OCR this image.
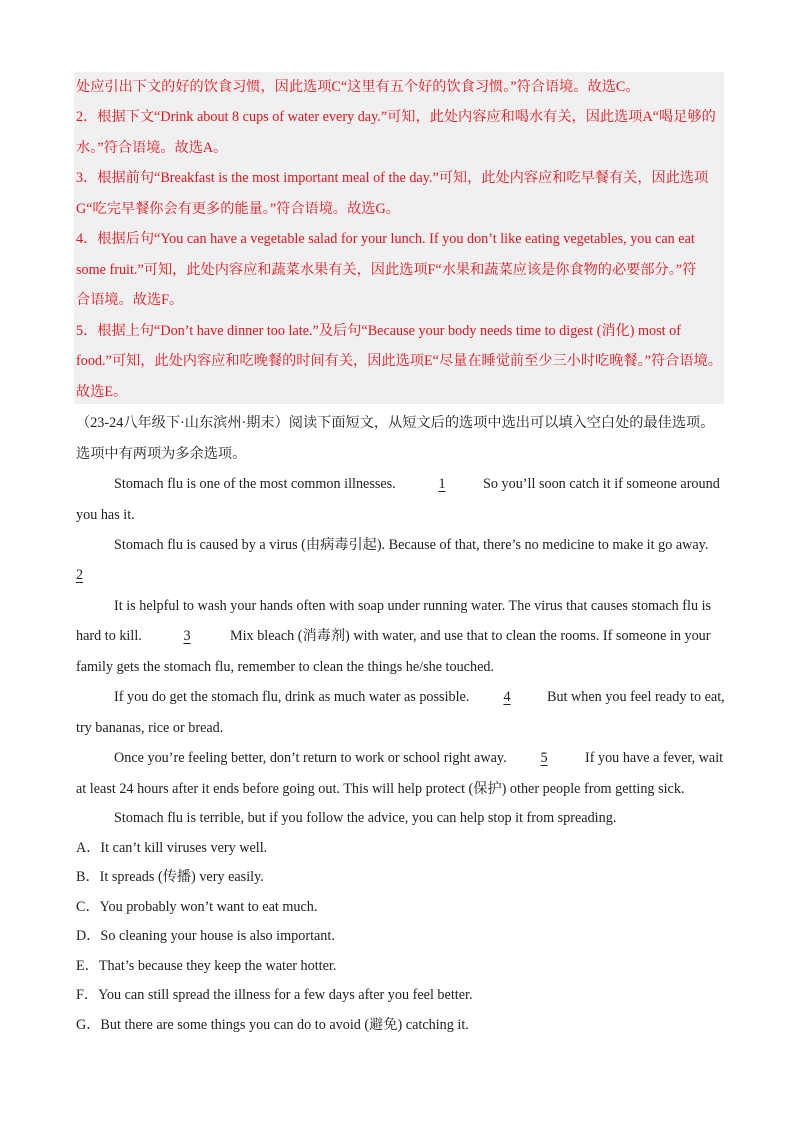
处应引出下文的好的饮食习惯，因此选项C“这里有五个好的饮食习惯。”符合语境。故选C。
2．根据下文“Drink about 8 cups of water every day.”可知，此处内容应和喝水有关，因此选项A“喝足够的
水。”符合语境。故选A。
3．根据前句“Breakfast is the most important meal of the day.”可知，此处内容应和吃早餐有关，因此选项
G“吃完早餐你会有更多的能量。”符合语境。故选G。
4．根据后句“You can have a vegetable salad for your lunch. If you don’t like eating vegetables, you can eat
some fruit.”可知，此处内容应和蔬菜水果有关，因此选项F“水果和蔬菜应该是你食物的必要部分。”符
合语境。故选F。
5．根据上句“Don’t have dinner too late.”及后句“Because your body needs time to digest (消化) most of
food.”可知，此处内容应和吃晚餐的时间有关，因此选项E“尽量在睡觉前至少三小时吃晚餐。”符合语境。
故选E。
（23-24八年级下·山东滨州·期末）阅读下面短文，从短文后的选项中选出可以填入空白处的最佳选项。
选项中有两项为多余选项。
Stomach flu is one of the most common illnesses.	1	So you’ll soon catch it if someone around
you has it.
Stomach flu is caused by a virus (由病毒引起). Because of that, there’s no medicine to make it go away.
2
It is helpful to wash your hands often with soap under running water. The virus that causes stomach flu is
hard to kill.	3	Mix bleach (消毒剂) with water, and use that to clean the rooms. If someone in your
family gets the stomach flu, remember to clean the things he/she touched.
If you do get the stomach flu, drink as much water as possible.	4	But when you feel ready to eat,
try bananas, rice or bread.
Once you’re feeling better, don’t return to work or school right away.	5	If you have a fever, wait
at least 24 hours after it ends before going out. This will help protect (保护) other people from getting sick.
Stomach flu is terrible, but if you follow the advice, you can help stop it from spreading.
A．It can’t kill viruses very well.
B．It spreads (传播) very easily.
C．You probably won’t want to eat much.
D．So cleaning your house is also important.
E．That’s because they keep the water hotter.
F．You can still spread the illness for a few days after you feel better.
G．But there are some things you can do to avoid (避免) catching it.
